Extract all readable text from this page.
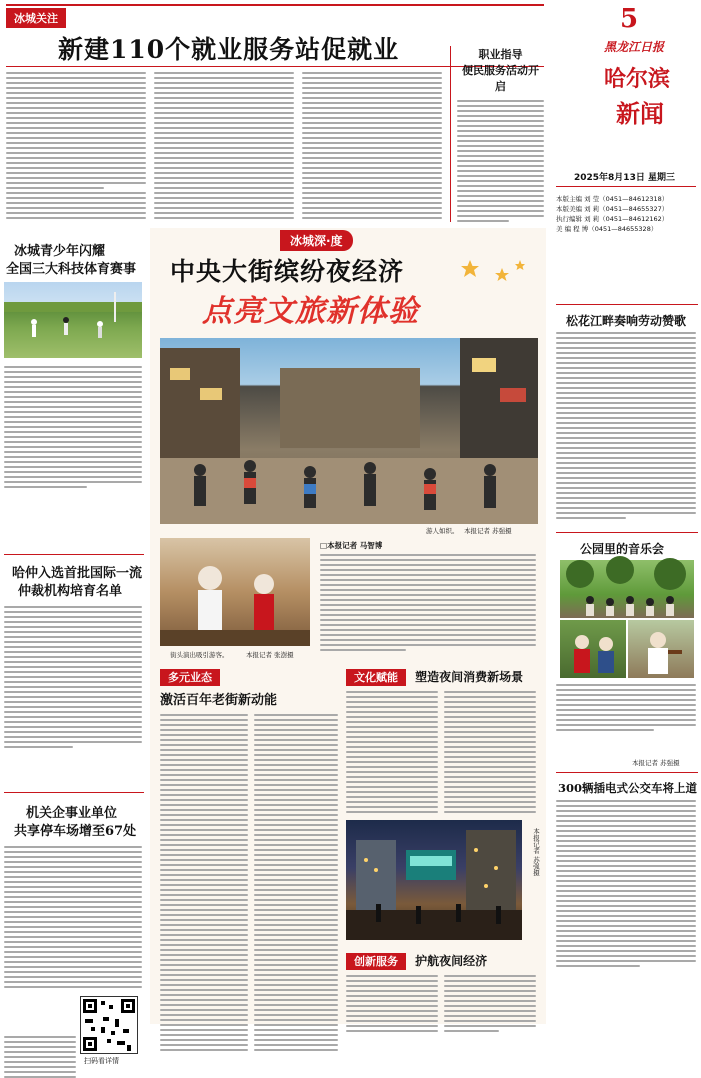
冰城关注
新建110个就业服务站促就业	职业指导
便民服务活动开启
5
黑龙江日报
哈尔滨
新闻
2025年8月13日 星期三
本版主编 刘 莹（0451—84612318）
本版美编 刘 莉（0451—84655327）
执行编辑 刘 莉（0451—84612162）
美 编 程 博（0451—84655328）
冰城青少年闪耀
全国三大科技体育赛事
哈仲入选首批国际一流
仲裁机构培育名单
机关企事业单位
共享停车场增至67处
扫码看详情
冰城深·度
中央大街缤纷夜经济
点亮文旅新体验
游人如织。 本报记者 苏强摄
街头演出吸引游客。	本报记者 张澍摄
□本报记者 马智博
多元业态
激活百年老街新动能
文化赋能 塑造夜间消费新场景
本报记者 苏强摄
创新服务 护航夜间经济
松花江畔奏响劳动赞歌
公园里的音乐会
本报记者 苏强摄
300辆插电式公交车将上道
